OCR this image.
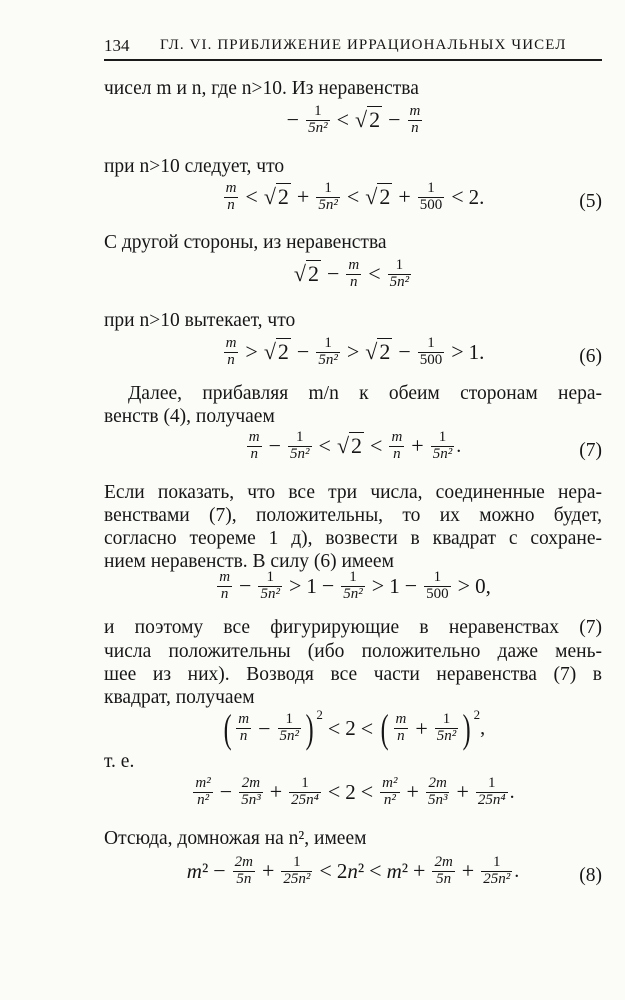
134 ГЛ. VI. ПРИБЛИЖЕНИЕ ИРРАЦИОНАЛЬНЫХ ЧИСЕЛ
чисел m и n, где n>10. Из неравенства
− $\frac{1}{\text{5n²}} < √2 - \frac{m}{n}$
при n>10 следует, что
$\frac{m}{n} < √2 + \frac{1}{\text{5n²}} < √2 + \frac{1}{500} < 2$.	(5)
С другой стороны, из неравенства
$√2 - \frac{m}{n} < \frac{1}{\text{5n²}}$
при n>10 вытекает, что
$\frac{m}{n} > √2 - \frac{1}{\text{5n²}} > √2 - \frac{1}{500} > 1$.	(6)
Далее, прибавляя m/n к обеим сторонам нера-
венств (4), получаем
$\frac{m}{n} - \frac{1}{\text{5n²}} < √2 < \frac{m}{n} + \frac{1}{\text{5n²}}$ .	(7)
Если показать, что все три числа, соединенные нера-
венствами (7), положительны, то их можно будет,
согласно теореме 1 д), возвести в квадрат с сохране-
нием неравенств. В силу (6) имеем
$\frac{m}{n} - \frac{1}{\text{5n²}} > 1 - \frac{1}{\text{5n²}} > 1 - \frac{1}{500} > 0$,
и поэтому все фигурирующие в неравенствах (7)
числа положительны (ибо положительно даже мень-
шее из них). Возводя все части неравенства (7) в
квадрат, получаем
( $\frac{m}{n} - \frac{1}{\text{5n²}}$ ) $^2$< 2 < ( $\frac{m}{n} + \frac{1}{\text{5n²}}$ ) $^2$,
т. е.
$\frac{\text{m²}}{\text{n²}} - \frac{2m}{\text{5n³}} + \frac{1}{\text{25n⁴}} < 2 < \frac{\text{m²}}{\text{n²}} + \frac{2m}{\text{5n³}} + \frac{1}{\text{25n⁴}}$ .
Отсюда, домножая на n², имеем
$m^2 - \frac{2m}{5n} + \frac{1}{\text{25n²}} < 2n^2 < m^2 + \frac{2m}{5n} + \frac{1}{\text{25n²}}$ .	(8)
